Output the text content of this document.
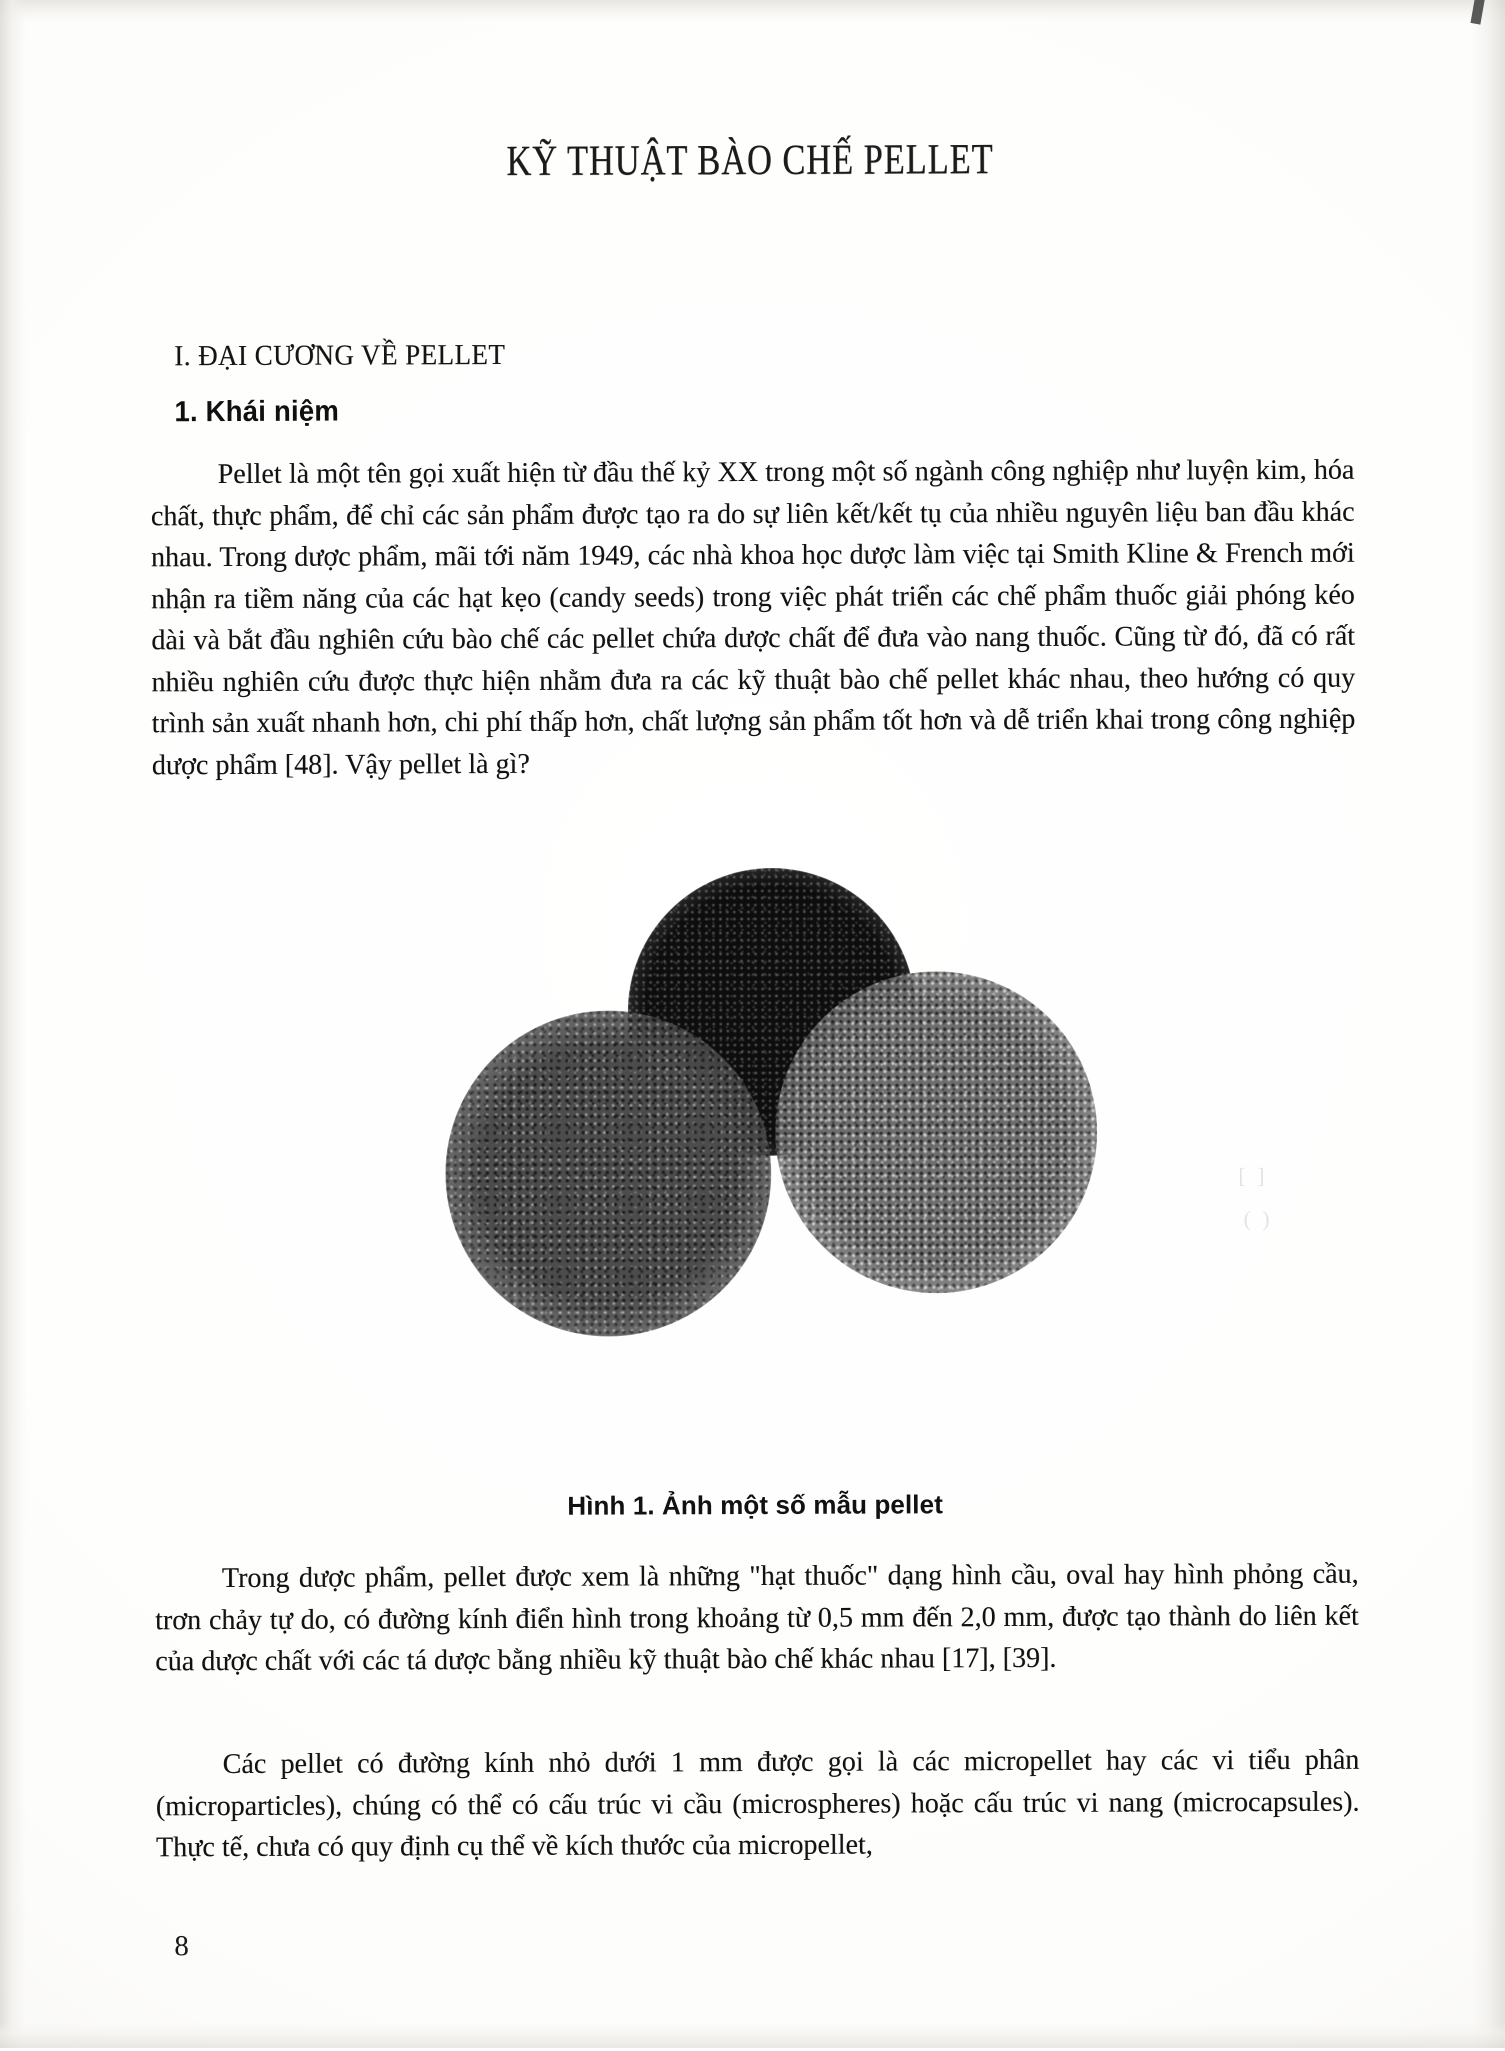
KỸ THUẬT BÀO CHẾ PELLET
I. ĐẠI CƯƠNG VỀ PELLET
1. Khái niệm
Pellet là một tên gọi xuất hiện từ đầu thế kỷ XX trong một số ngành công nghiệp như luyện kim, hóa chất, thực phẩm, để chỉ các sản phẩm được tạo ra do sự liên kết/kết tụ của nhiều nguyên liệu ban đầu khác nhau. Trong dược phẩm, mãi tới năm 1949, các nhà khoa học dược làm việc tại Smith Kline & French mới nhận ra tiềm năng của các hạt kẹo (candy seeds) trong việc phát triển các chế phẩm thuốc giải phóng kéo dài và bắt đầu nghiên cứu bào chế các pellet chứa dược chất để đưa vào nang thuốc. Cũng từ đó, đã có rất nhiều nghiên cứu được thực hiện nhằm đưa ra các kỹ thuật bào chế pellet khác nhau, theo hướng có quy trình sản xuất nhanh hơn, chi phí thấp hơn, chất lượng sản phẩm tốt hơn và dễ triển khai trong công nghiệp dược phẩm [48]. Vậy pellet là gì?
[ ]
( )
Hình 1. Ảnh một số mẫu pellet
Trong dược phẩm, pellet được xem là những "hạt thuốc" dạng hình cầu, oval hay hình phỏng cầu, trơn chảy tự do, có đường kính điển hình trong khoảng từ 0,5 mm đến 2,0 mm, được tạo thành do liên kết của dược chất với các tá dược bằng nhiều kỹ thuật bào chế khác nhau [17], [39].
Các pellet có đường kính nhỏ dưới 1 mm được gọi là các micropellet hay các vi tiểu phân (microparticles), chúng có thể có cấu trúc vi cầu (microspheres) hoặc cấu trúc vi nang (microcapsules). Thực tế, chưa có quy định cụ thể về kích thước của micropellet,
8
